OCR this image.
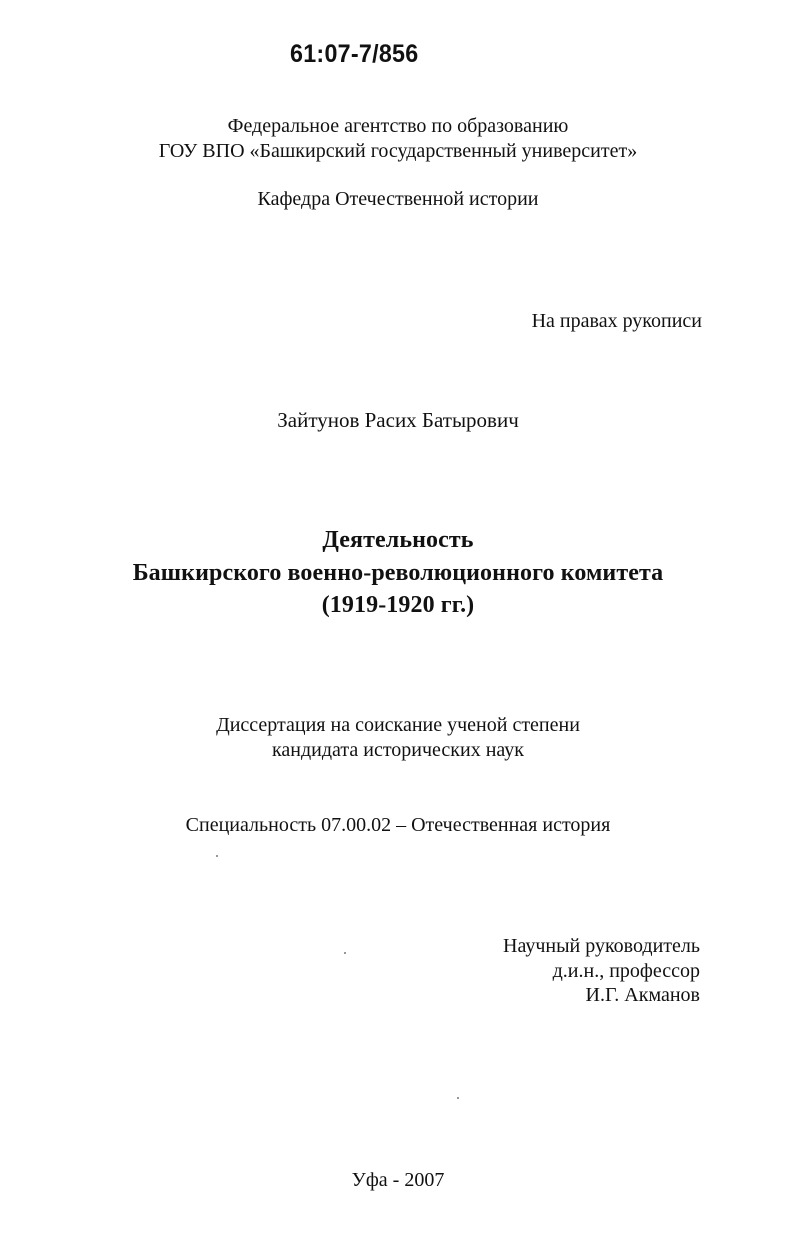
61:07-7/856
Федеральное агентство по образованию
ГОУ ВПО «Башкирский государственный университет»
Кафедра Отечественной истории
На правах рукописи
Зайтунов Расих Батырович
Деятельность
Башкирского военно-революционного комитета
(1919-1920 гг.)
Диссертация на соискание ученой степени
кандидата исторических наук
Специальность 07.00.02 – Отечественная история
Научный руководитель
д.и.н., профессор
И.Г. Акманов
Уфа - 2007
